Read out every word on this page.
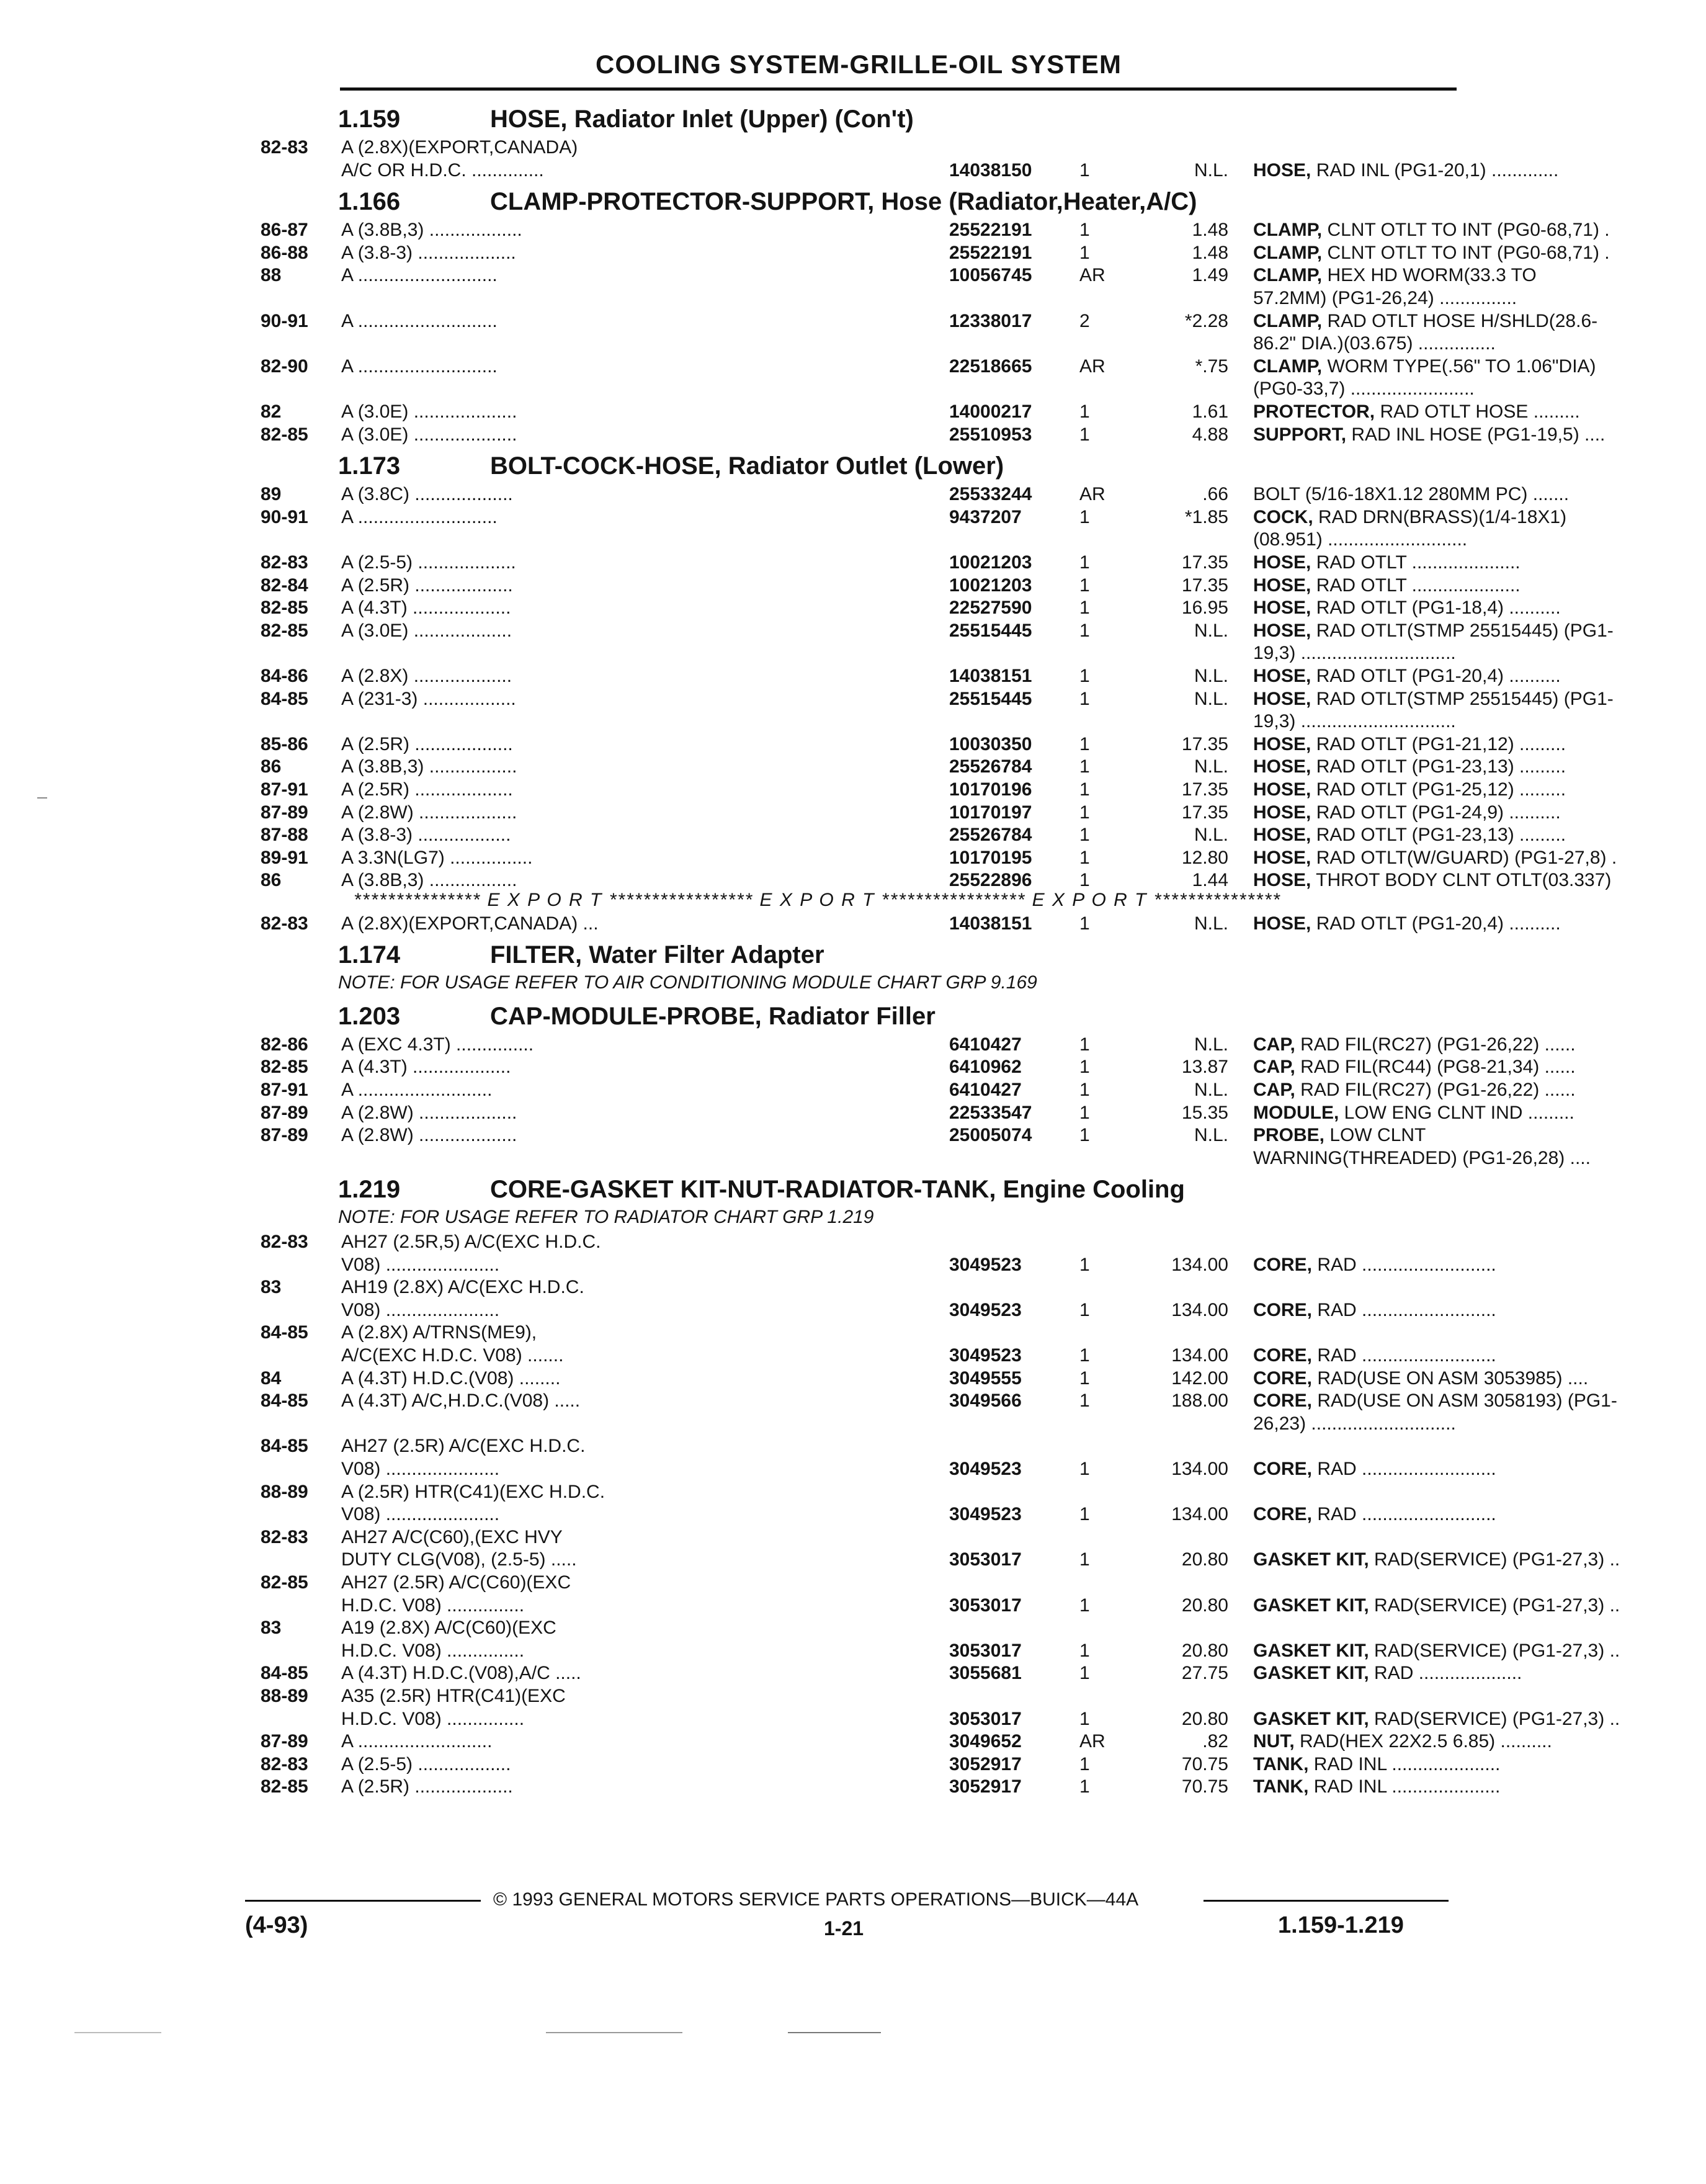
COOLING SYSTEM-GRILLE-OIL SYSTEM
1.159	HOSE, Radiator Inlet (Upper) (Con't)
82-83	A (2.8X)(EXPORT,CANADA)
A/C OR H.D.C. ..............	14038150	1	N.L. HOSE, RAD INL (PG1-20,1) .............
1.166	CLAMP-PROTECTOR-SUPPORT, Hose (Radiator,Heater,A/C)
86-87	A (3.8B,3) ..................	25522191	1	1.48 CLAMP, CLNT OTLT TO INT (PG0-68,71) .
86-88	A (3.8-3) ...................	25522191	1	1.48 CLAMP, CLNT OTLT TO INT (PG0-68,71) .
88	A ...........................	10056745	AR	1.49 CLAMP, HEX HD WORM(33.3 TO
57.2MM) (PG1-26,24) ...............
90-91	A ...........................	12338017	2	*2.28 CLAMP, RAD OTLT HOSE H/SHLD(28.6-
86.2" DIA.)(03.675) ...............
82-90	A ...........................	22518665	AR	*.75 CLAMP, WORM TYPE(.56" TO 1.06"DIA)
(PG0-33,7) ........................
82	A (3.0E) ....................	14000217	1	1.61 PROTECTOR, RAD OTLT HOSE .........
82-85	A (3.0E) ....................	25510953	1	4.88 SUPPORT, RAD INL HOSE (PG1-19,5) ....
1.173	BOLT-COCK-HOSE, Radiator Outlet (Lower)
89	A (3.8C) ...................	25533244	AR	.66 BOLT (5/16-18X1.12 280MM PC) .......
90-91	A ...........................	9437207	1	*1.85 COCK, RAD DRN(BRASS)(1/4-18X1)
(08.951) ...........................
82-83	A (2.5-5) ...................	10021203	1	17.35 HOSE, RAD OTLT .....................
82-84	A (2.5R) ...................	10021203	1	17.35 HOSE, RAD OTLT .....................
82-85	A (4.3T) ...................	22527590	1	16.95 HOSE, RAD OTLT (PG1-18,4) ..........
82-85	A (3.0E) ...................	25515445	1	N.L. HOSE, RAD OTLT(STMP 25515445) (PG1-
19,3) ..............................
84-86	A (2.8X) ...................	14038151	1	N.L. HOSE, RAD OTLT (PG1-20,4) ..........
84-85	A (231-3) ..................	25515445	1	N.L. HOSE, RAD OTLT(STMP 25515445) (PG1-
19,3) ..............................
85-86	A (2.5R) ...................	10030350	1	17.35 HOSE, RAD OTLT (PG1-21,12) .........
86	A (3.8B,3) .................	25526784	1	N.L. HOSE, RAD OTLT (PG1-23,13) .........
87-91	A (2.5R) ...................	10170196	1	17.35 HOSE, RAD OTLT (PG1-25,12) .........
87-89	A (2.8W) ...................	10170197	1	17.35 HOSE, RAD OTLT (PG1-24,9) ..........
87-88	A (3.8-3) ..................	25526784	1	N.L. HOSE, RAD OTLT (PG1-23,13) .........
89-91	A 3.3N(LG7) ................	10170195	1	12.80 HOSE, RAD OTLT(W/GUARD) (PG1-27,8) .
86	A (3.8B,3) .................	25522896	1	1.44 HOSE, THROT BODY CLNT OTLT(03.337)
*************** E X P O R T ***************** E X P O R T ***************** E X P O R T ***************
82-83	A (2.8X)(EXPORT,CANADA) ...	14038151	1	N.L. HOSE, RAD OTLT (PG1-20,4) ..........
1.174	FILTER, Water Filter Adapter
NOTE: FOR USAGE REFER TO AIR CONDITIONING MODULE CHART GRP 9.169
1.203	CAP-MODULE-PROBE, Radiator Filler
82-86	A (EXC 4.3T) ...............	6410427	1	N.L. CAP, RAD FIL(RC27) (PG1-26,22) ......
82-85	A (4.3T) ...................	6410962	1	13.87 CAP, RAD FIL(RC44) (PG8-21,34) ......
87-91	A ..........................	6410427	1	N.L. CAP, RAD FIL(RC27) (PG1-26,22) ......
87-89	A (2.8W) ...................	22533547	1	15.35 MODULE, LOW ENG CLNT IND .........
87-89	A (2.8W) ...................	25005074	1	N.L. PROBE, LOW CLNT
WARNING(THREADED) (PG1-26,28) ....
1.219	CORE-GASKET KIT-NUT-RADIATOR-TANK, Engine Cooling
NOTE: FOR USAGE REFER TO RADIATOR CHART GRP 1.219
82-83	AH27 (2.5R,5) A/C(EXC H.D.C.
V08) ......................	3049523	1	134.00 CORE, RAD ..........................
83	AH19 (2.8X) A/C(EXC H.D.C.
V08) ......................	3049523	1	134.00 CORE, RAD ..........................
84-85	A (2.8X) A/TRNS(ME9),
A/C(EXC H.D.C. V08) .......	3049523	1	134.00 CORE, RAD ..........................
84	A (4.3T) H.D.C.(V08) ........	3049555	1	142.00 CORE, RAD(USE ON ASM 3053985) ....
84-85	A (4.3T) A/C,H.D.C.(V08) .....	3049566	1	188.00 CORE, RAD(USE ON ASM 3058193) (PG1-
26,23) ............................
84-85	AH27 (2.5R) A/C(EXC H.D.C.
V08) ......................	3049523	1	134.00 CORE, RAD ..........................
88-89	A (2.5R) HTR(C41)(EXC H.D.C.
V08) ......................	3049523	1	134.00 CORE, RAD ..........................
82-83	AH27 A/C(C60),(EXC HVY
DUTY CLG(V08), (2.5-5) .....	3053017	1	20.80 GASKET KIT, RAD(SERVICE) (PG1-27,3) ..
82-85	AH27 (2.5R) A/C(C60)(EXC
H.D.C. V08) ...............	3053017	1	20.80 GASKET KIT, RAD(SERVICE) (PG1-27,3) ..
83	A19 (2.8X) A/C(C60)(EXC
H.D.C. V08) ...............	3053017	1	20.80 GASKET KIT, RAD(SERVICE) (PG1-27,3) ..
84-85	A (4.3T) H.D.C.(V08),A/C .....	3055681	1	27.75 GASKET KIT, RAD ....................
88-89	A35 (2.5R) HTR(C41)(EXC
H.D.C. V08) ...............	3053017	1	20.80 GASKET KIT, RAD(SERVICE) (PG1-27,3) ..
87-89	A ..........................	3049652	AR	.82 NUT, RAD(HEX 22X2.5 6.85) ..........
82-83	A (2.5-5) ..................	3052917	1	70.75 TANK, RAD INL .....................
82-85	A (2.5R) ...................	3052917	1	70.75 TANK, RAD INL .....................
© 1993 GENERAL MOTORS SERVICE PARTS OPERATIONS—BUICK—44A
(4-93)	1-21	1.159-1.219
